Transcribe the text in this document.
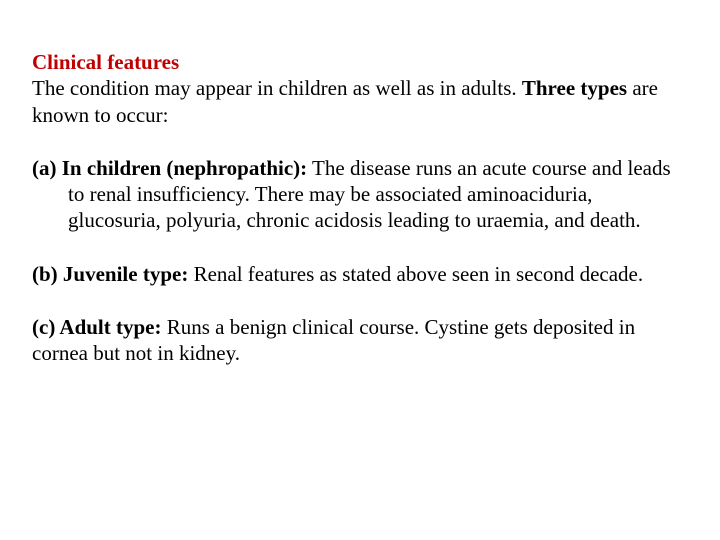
Clinical features

The condition may appear in children as well as in adults. Three types are known to occur:

(a) In children (nephropathic): The disease runs an acute course and leads to renal insufficiency. There may be associated aminoaciduria, glucosuria, polyuria, chronic acidosis leading to uraemia, and death.

(b) Juvenile type: Renal features as stated above seen in second decade.

(c) Adult type: Runs a benign clinical course. Cystine gets deposited in cornea but not in kidney.
